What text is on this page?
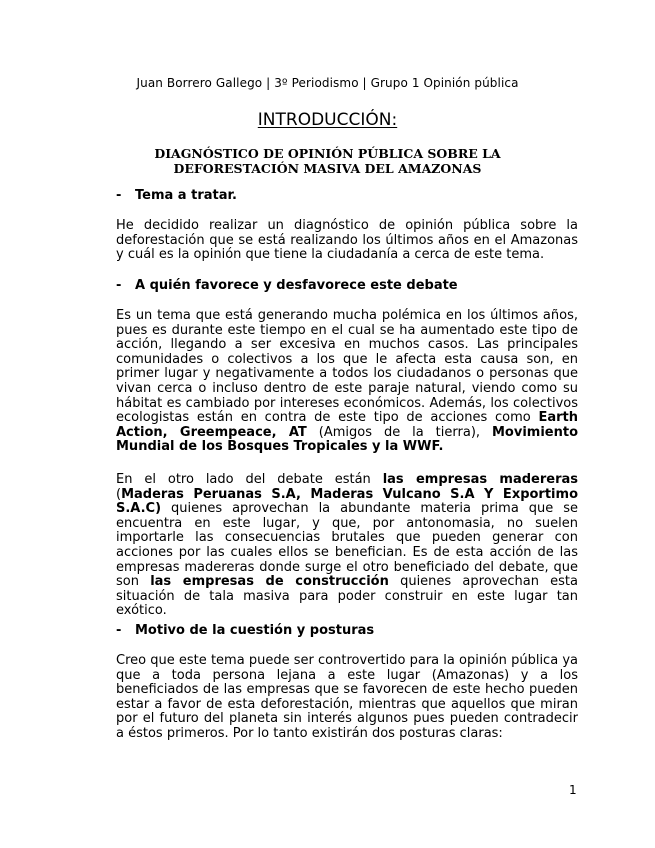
Juan Borrero Gallego | 3º Periodismo | Grupo 1 Opinión pública
INTRODUCCIÓN:
DIAGNÓSTICO DE OPINIÓN PÚBLICA SOBRE LA DEFORESTACIÓN MASIVA DEL AMAZONAS
- Tema a tratar.
He decidido realizar un diagnóstico de opinión pública sobre la deforestación que se está realizando los últimos años en el Amazonas y cuál es la opinión que tiene la ciudadanía a cerca de este tema.
- A quién favorece y desfavorece este debate
Es un tema que está generando mucha polémica en los últimos años, pues es durante este tiempo en el cual se ha aumentado este tipo de acción, llegando a ser excesiva en muchos casos. Las principales comunidades o colectivos a los que le afecta esta causa son, en primer lugar y negativamente a todos los ciudadanos o personas que vivan cerca o incluso dentro de este paraje natural, viendo como su hábitat es cambiado por intereses económicos. Además, los colectivos ecologistas están en contra de este tipo de acciones como Earth Action, Greempeace, AT (Amigos de la tierra), Movimiento Mundial de los Bosques Tropicales y la WWF.
En el otro lado del debate están las empresas madereras (Maderas Peruanas S.A, Maderas Vulcano S.A Y Exportimo S.A.C) quienes aprovechan la abundante materia prima que se encuentra en este lugar, y que, por antonomasia, no suelen importarle las consecuencias brutales que pueden generar con acciones por las cuales ellos se benefician. Es de esta acción de las empresas madereras donde surge el otro beneficiado del debate, que son las empresas de construcción quienes aprovechan esta situación de tala masiva para poder construir en este lugar tan exótico.
- Motivo de la cuestión y posturas
Creo que este tema puede ser controvertido para la opinión pública ya que a toda persona lejana a este lugar (Amazonas) y a los beneficiados de las empresas que se favorecen de este hecho pueden estar a favor de esta deforestación, mientras que aquellos que miran por el futuro del planeta sin interés algunos pues pueden contradecir a éstos primeros. Por lo tanto existirán dos posturas claras:
1
